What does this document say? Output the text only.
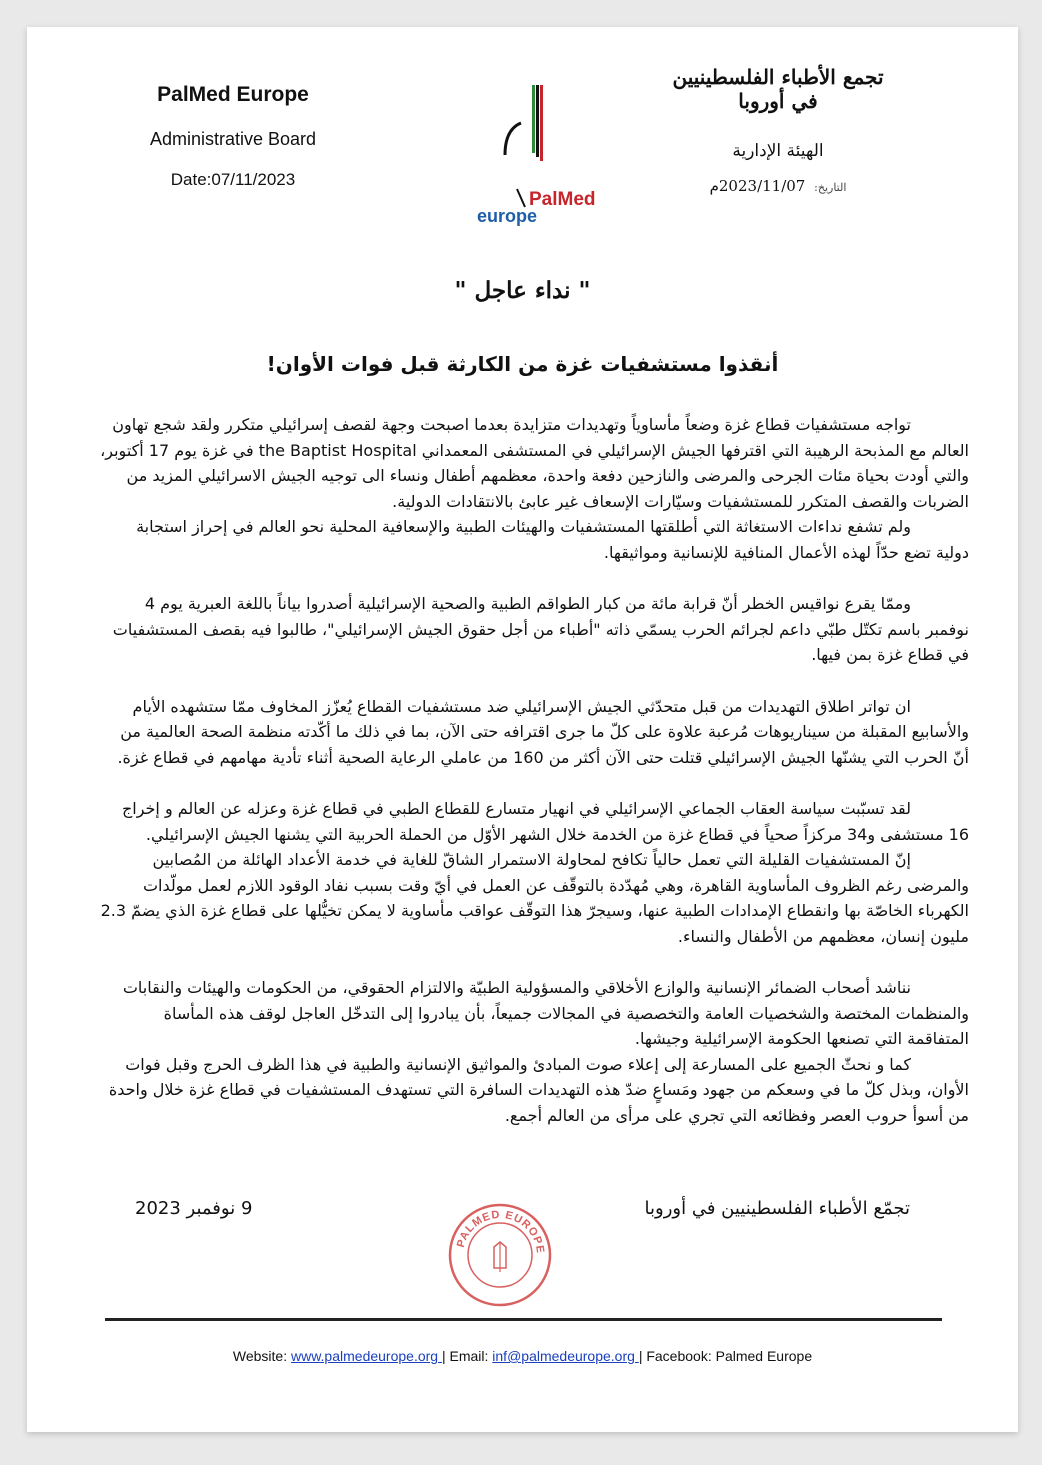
PalMed Europe
Administrative Board
Date:07/11/2023
PalMed
europe
تجمع الأطباء الفلسطينيين في أوروبا
الهيئة الإدارية
التاريخ: 2023/11/07م
" نداء عاجل "
أنقذوا مستشفيات غزة من الكارثة قبل فوات الأوان!

تواجه مستشفيات قطاع غزة وضعاً مأساوياً وتهديدات متزايدة بعدما اصبحت وجهة لقصف إسرائيلي متكرر ولقد شجع تهاون العالم مع المذبحة الرهيبة التي اقترفها الجيش الإسرائيلي في المستشفى المعمداني the Baptist Hospital في غزة يوم 17 أكتوبر، والتي أودت بحياة مئات الجرحى والمرضى والنازحين دفعة واحدة، معظمهم أطفال ونساء الى توجيه الجيش الاسرائيلي المزيد من الضربات والقصف المتكرر للمستشفيات وسيّارات الإسعاف غير عابئ بالانتقادات الدولية.

ولم تشفع نداءات الاستغاثة التي أطلقتها المستشفيات والهيئات الطبية والإسعافية المحلية نحو العالم في إحراز استجابة دولية تضع حدّاً لهذه الأعمال المنافية للإنسانية ومواثيقها.

وممّا يقرع نواقيس الخطر أنّ قرابة مائة من كبار الطواقم الطبية والصحية الإسرائيلية أصدروا بياناً باللغة العبرية يوم 4 نوفمبر باسم تكتّل طبّي داعم لجرائم الحرب يسمّي ذاته "أطباء من أجل حقوق الجيش الإسرائيلي"، طالبوا فيه بقصف المستشفيات في قطاع غزة بمن فيها.

ان تواتر اطلاق التهديدات من قبل متحدّثي الجيش الإسرائيلي ضد مستشفيات القطاع يُعزّز المخاوف ممّا ستشهده الأيام والأسابيع المقبلة من سيناريوهات مُرعبة علاوة على كلّ ما جرى اقترافه حتى الآن، بما في ذلك ما أكّدته منظمة الصحة العالمية من أنّ الحرب التي يشنّها الجيش الإسرائيلي قتلت حتى الآن أكثر من 160 من عاملي الرعاية الصحية أثناء تأدية مهامهم في قطاع غزة.

لقد تسبّبت سياسة العقاب الجماعي الإسرائيلي في انهيار متسارع للقطاع الطبي في قطاع غزة وعزله عن العالم و إخراج 16 مستشفى و34 مركزاً صحياً في قطاع غزة من الخدمة خلال الشهر الأوّل من الحملة الحربية التي يشنها الجيش الإسرائيلي.

إنّ المستشفيات القليلة التي تعمل حالياً تكافح لمحاولة الاستمرار الشاقّ للغاية في خدمة الأعداد الهائلة من المُصابين والمرضى رغم الظروف المأساوية القاهرة، وهي مُهدّدة بالتوقّف عن العمل في أيّ وقت بسبب نفاد الوقود اللازم لعمل مولّدات الكهرباء الخاصّة بها وانقطاع الإمدادات الطبية عنها، وسيجرّ هذا التوقّف عواقب مأساوية لا يمكن تخيُّلها على قطاع غزة الذي يضمّ 2.3 مليون إنسان، معظمهم من الأطفال والنساء.

نناشد أصحاب الضمائر الإنسانية والوازع الأخلاقي والمسؤولية الطبيّة والالتزام الحقوقي، من الحكومات والهيئات والنقابات والمنظمات المختصة والشخصيات العامة والتخصصية في المجالات جميعاً، بأن يبادروا إلى التدخّل العاجل لوقف هذه المأساة المتفاقمة التي تصنعها الحكومة الإسرائيلية وجيشها.

كما و نحثّ الجميع على المسارعة إلى إعلاء صوت المبادئ والمواثيق الإنسانية والطبية في هذا الظرف الحرج وقبل فوات الأوان، وبذل كلّ ما في وسعكم من جهود ومَساعٍ ضدّ هذه التهديدات السافرة التي تستهدف المستشفيات في قطاع غزة خلال واحدة من أسوأ حروب العصر وفظائعه التي تجري على مرأى من العالم أجمع.

9 نوفمبر 2023	تجمّع الأطباء الفلسطينيين في أوروبا
PALMED EUROPE
Website: www.palmedeurope.org | Email: inf@palmedeurope.org | Facebook: Palmed Europe
